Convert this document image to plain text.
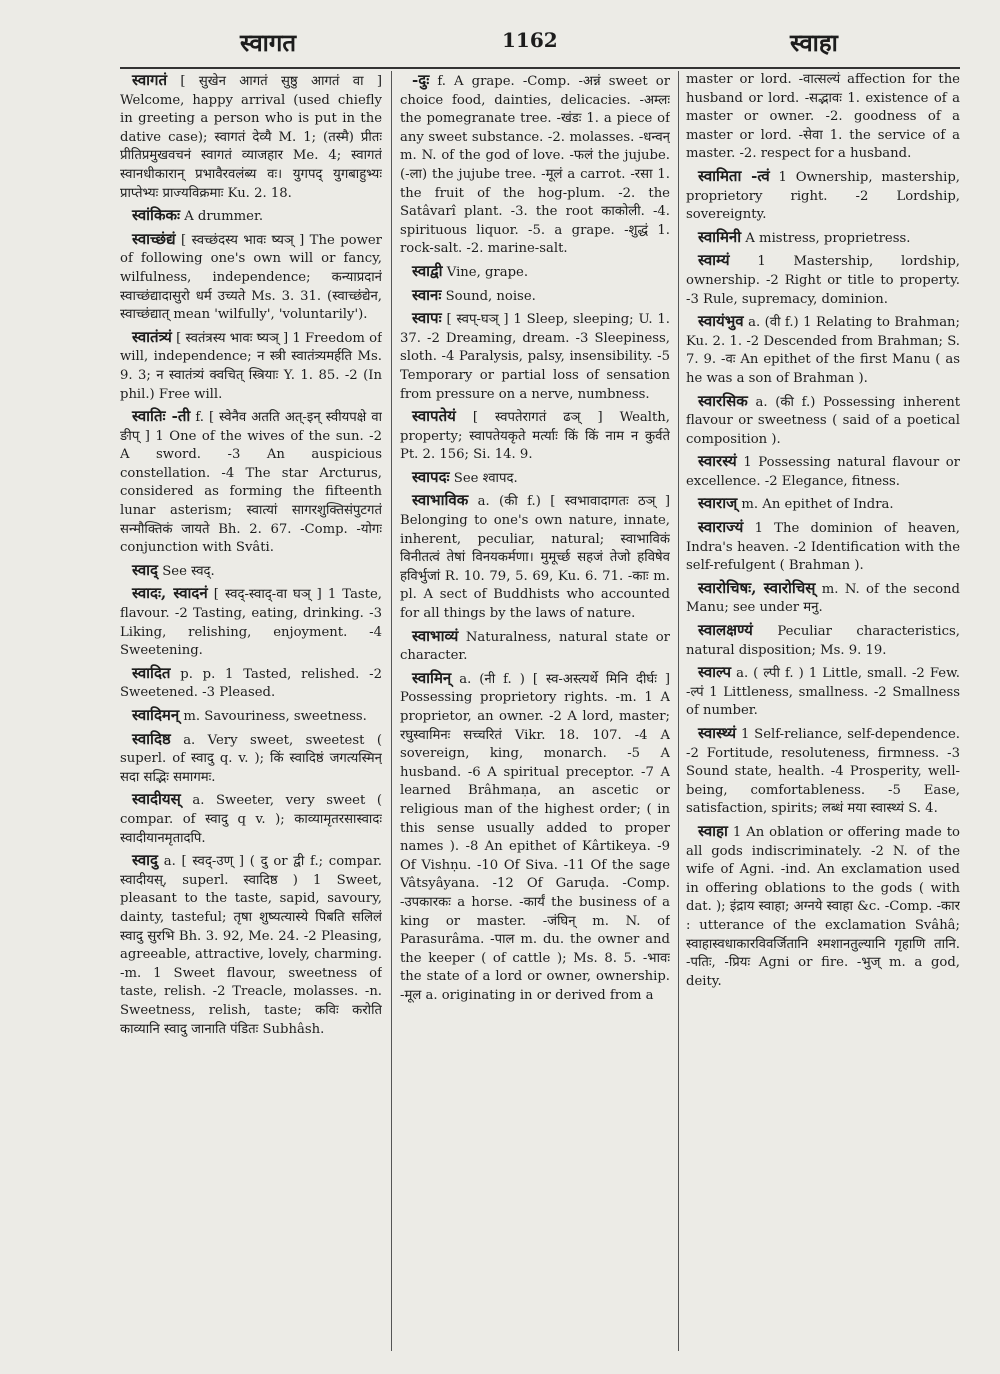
स्वागत	1162	स्वाहा

स्वागतं [ सुखेन आगतं सुष्ठु आगतं वा ] Welcome, happy arrival (used chiefly in greeting a person who is put in the dative case); स्वागतं देव्यै M. 1; (तस्मै) प्रीतः प्रीतिप्रमुखवचनं स्वागतं व्याजहार Me. 4; स्वागतं स्वानधीकारान् प्रभावैरवलंब्य वः। युगपद् युगबाहुभ्यः प्राप्तेभ्यः प्राज्यविक्रमाः Ku. 2. 18.

स्वांकिकः A drummer.

स्वाच्छंद्यं [ स्वच्छंदस्य भावः ष्यञ् ] The power of following one's own will or fancy, wilfulness, independence; कन्याप्रदानं स्वाच्छंद्यादासुरो धर्म उच्यते Ms. 3. 31. (स्वाच्छंद्येन, स्वाच्छंद्यात् mean 'wilfully', 'voluntarily').

स्वातंत्र्यं [ स्वतंत्रस्य भावः ष्यञ् ] 1 Freedom of will, independence; न स्त्री स्वातंत्र्यमर्हति Ms. 9. 3; न स्वातंत्र्यं क्वचित् स्त्रियाः Y. 1. 85. -2 (In phil.) Free will.

स्वातिः -ती f. [ स्वेनैव अतति अत्-इन् स्वीयपक्षे वा ङीप् ] 1 One of the wives of the sun. -2 A sword. -3 An auspicious constellation. -4 The star Arcturus, considered as forming the fifteenth lunar asterism; स्वात्यां सागरशुक्तिसंपुटगतं सन्मौक्तिकं जायते Bh. 2. 67. -Comp. -योगः conjunction with Svâti.

स्वाद् See स्वद्.

स्वादः, स्वादनं [ स्वद्-स्वाद्-वा घञ् ] 1 Taste, flavour. -2 Tasting, eating, drinking. -3 Liking, relishing, enjoyment. -4 Sweetening.

स्वादित p. p. 1 Tasted, relished. -2 Sweetened. -3 Pleased.

स्वादिमन् m. Savouriness, sweetness.

स्वादिष्ठ a. Very sweet, sweetest ( superl. of स्वादु q. v. ); किं स्वादिष्ठं जगत्यस्मिन् सदा सद्भिः समागमः.

स्वादीयस् a. Sweeter, very sweet ( compar. of स्वादु q v. ); काव्यामृतरसास्वादः स्वादीयानमृतादपि.

स्वादु a. [ स्वद्-उण् ] ( दु or द्वी f.; compar. स्वादीयस्, superl. स्वादिष्ठ ) 1 Sweet, pleasant to the taste, sapid, savoury, dainty, tasteful; तृषा शुष्यत्यास्ये पिबति सलिलं स्वादु सुरभि Bh. 3. 92, Me. 24. -2 Pleasing, agreeable, attractive, lovely, charming. -m. 1 Sweet flavour, sweetness of taste, relish. -2 Treacle, molasses. -n. Sweetness, relish, taste; कविः करोति काव्यानि स्वादु जानाति पंडितः Subhâsh.

-दुः f. A grape. -Comp. -अन्नं sweet or choice food, dainties, delicacies. -अम्लः the pomegranate tree. -खंडः 1. a piece of any sweet substance. -2. molasses. -धन्वन् m. N. of the god of love. -फलं the jujube. (-ला) the jujube tree. -मूलं a carrot. -रसा 1. the fruit of the hog-plum. -2. the Satâvarî plant. -3. the root काकोली. -4. spirituous liquor. -5. a grape. -शुद्धं 1. rock-salt. -2. marine-salt.

स्वाद्वी Vine, grape.

स्वानः Sound, noise.

स्वापः [ स्वप्-घञ् ] 1 Sleep, sleeping; U. 1. 37. -2 Dreaming, dream. -3 Sleepiness, sloth. -4 Paralysis, palsy, insensibility. -5 Temporary or partial loss of sensation from pressure on a nerve, numbness.

स्वापतेयं [ स्वपतेरागतं ढञ् ] Wealth, property; स्वापतेयकृते मर्त्याः किं किं नाम न कुर्वते Pt. 2. 156; Si. 14. 9.

स्वापदः See श्वापद.

स्वाभाविक a. (की f.) [ स्वभावादागतः ठञ् ] Belonging to one's own nature, innate, inherent, peculiar, natural; स्वाभाविकं विनीतत्वं तेषां विनयकर्मणा। मुमूर्च्छ सहजं तेजो हविषेव हविर्भुजां R. 10. 79, 5. 69, Ku. 6. 71. -काः m. pl. A sect of Buddhists who accounted for all things by the laws of nature.

स्वाभाव्यं Naturalness, natural state or character.

स्वामिन् a. (नी f. ) [ स्व-अस्त्यर्थे मिनि दीर्घः ] Possessing proprietory rights. -m. 1 A proprietor, an owner. -2 A lord, master; रघुस्वामिनः सच्चरितं Vikr. 18. 107. -4 A sovereign, king, monarch. -5 A husband. -6 A spiritual preceptor. -7 A learned Brâhmaṇa, an ascetic or religious man of the highest order; ( in this sense usually added to proper names ). -8 An epithet of Kârtikeya. -9 Of Vishṇu. -10 Of Siva. -11 Of the sage Vâtsyâyana. -12 Of Garuḍa. -Comp. -उपकारकः a horse. -कार्यं the business of a king or master. -जंघिन् m. N. of Parasurâma. -पाल m. du. the owner and the keeper ( of cattle ); Ms. 8. 5. -भावः the state of a lord or owner, ownership. -मूल a. originating in or derived from a

master or lord. -वात्सल्यं affection for the husband or lord. -सद्भावः 1. existence of a master or owner. -2. goodness of a master or lord. -सेवा 1. the service of a master. -2. respect for a husband.

स्वामिता -त्वं 1 Ownership, mastership, proprietory right. -2 Lordship, sovereignty.

स्वामिनी A mistress, proprietress.

स्वाम्यं 1 Mastership, lordship, ownership. -2 Right or title to property. -3 Rule, supremacy, dominion.

स्वायंभुव a. (वी f.) 1 Relating to Brahman; Ku. 2. 1. -2 Descended from Brahman; S. 7. 9. -वः An epithet of the first Manu ( as he was a son of Brahman ).

स्वारसिक a. (की f.) Possessing inherent flavour or sweetness ( said of a poetical composition ).

स्वारस्यं 1 Possessing natural flavour or excellence. -2 Elegance, fitness.

स्वाराज् m. An epithet of Indra.

स्वाराज्यं 1 The dominion of heaven, Indra's heaven. -2 Identification with the self-refulgent ( Brahman ).

स्वारोचिषः, स्वारोचिस् m. N. of the second Manu; see under मनु.

स्वालक्षण्यं Peculiar characteristics, natural disposition; Ms. 9. 19.

स्वाल्प a. ( ल्पी f. ) 1 Little, small. -2 Few. -ल्पं 1 Littleness, smallness. -2 Smallness of number.

स्वास्थ्यं 1 Self-reliance, self-dependence. -2 Fortitude, resoluteness, firmness. -3 Sound state, health. -4 Prosperity, well-being, comfortableness. -5 Ease, satisfaction, spirits; लब्धं मया स्वास्थ्यं S. 4.

स्वाहा 1 An oblation or offering made to all gods indiscriminately. -2 N. of the wife of Agni. -ind. An exclamation used in offering oblations to the gods ( with dat. ); इंद्राय स्वाहा; अग्नये स्वाहा &c. -Comp. -कार : utterance of the exclamation Svâhâ; स्वाहास्वधाकारविवर्जितानि श्मशानतुल्यानि गृहाणि तानि. -पतिः, -प्रियः Agni or fire. -भुज् m. a god, deity.
